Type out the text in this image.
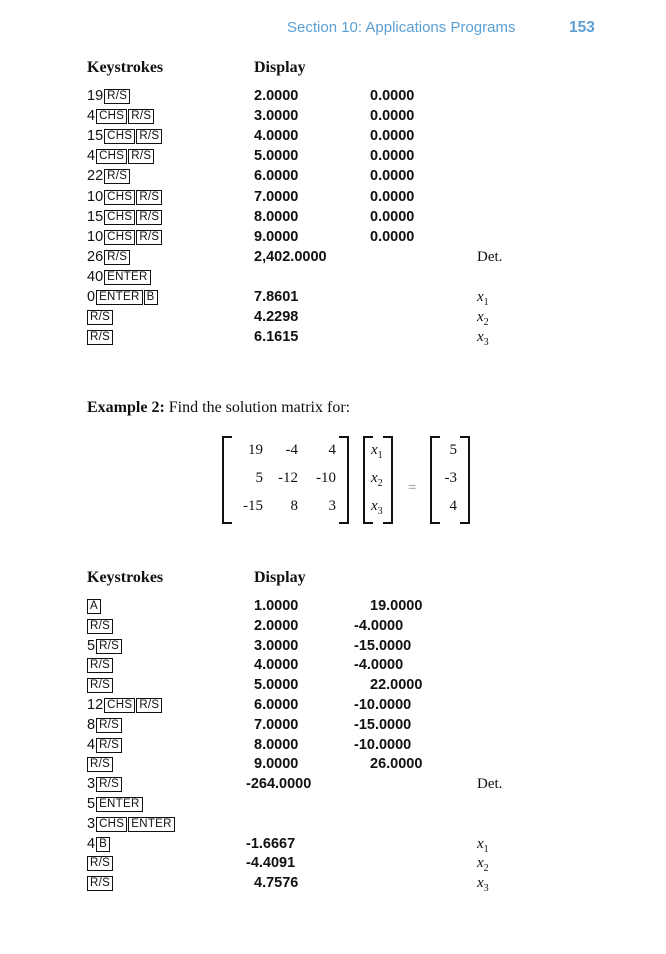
Section 10: Applications Programs	153
Keystrokes	Display
19 R/S	2.0000	0.0000
4 CHS R/S	3.0000	0.0000
15 CHS R/S	4.0000	0.0000
4 CHS R/S	5.0000	0.0000
22 R/S	6.0000	0.0000
10 CHS R/S	7.0000	0.0000
15 CHS R/S	8.0000	0.0000
10 CHS R/S	9.0000	0.0000
26 R/S	2,402.0000	Det.
40 ENTER
0 ENTER B	7.8601	$x_1$
R/S	4.2298	$x_2$
R/S	6.1615	$x_3$
Example 2: Find the solution matrix for:
19	-4	4
5	-12	-10
-15	8	3
$x_1$
$x_2$
$x_3$
=
5
-3
4
Keystrokes	Display
A	1.0000	19.0000
R/S	2.0000	-4.0000
5 R/S	3.0000	-15.0000
R/S	4.0000	-4.0000
R/S	5.0000	22.0000
12 CHS R/S	6.0000	-10.0000
8 R/S	7.0000	-15.0000
4 R/S	8.0000	-10.0000
R/S	9.0000	26.0000
3 R/S	-264.0000	Det.
5 ENTER
3 CHS ENTER
4 B	-1.6667	$x_1$
R/S	-4.4091	$x_2$
R/S	4.7576	$x_3$
